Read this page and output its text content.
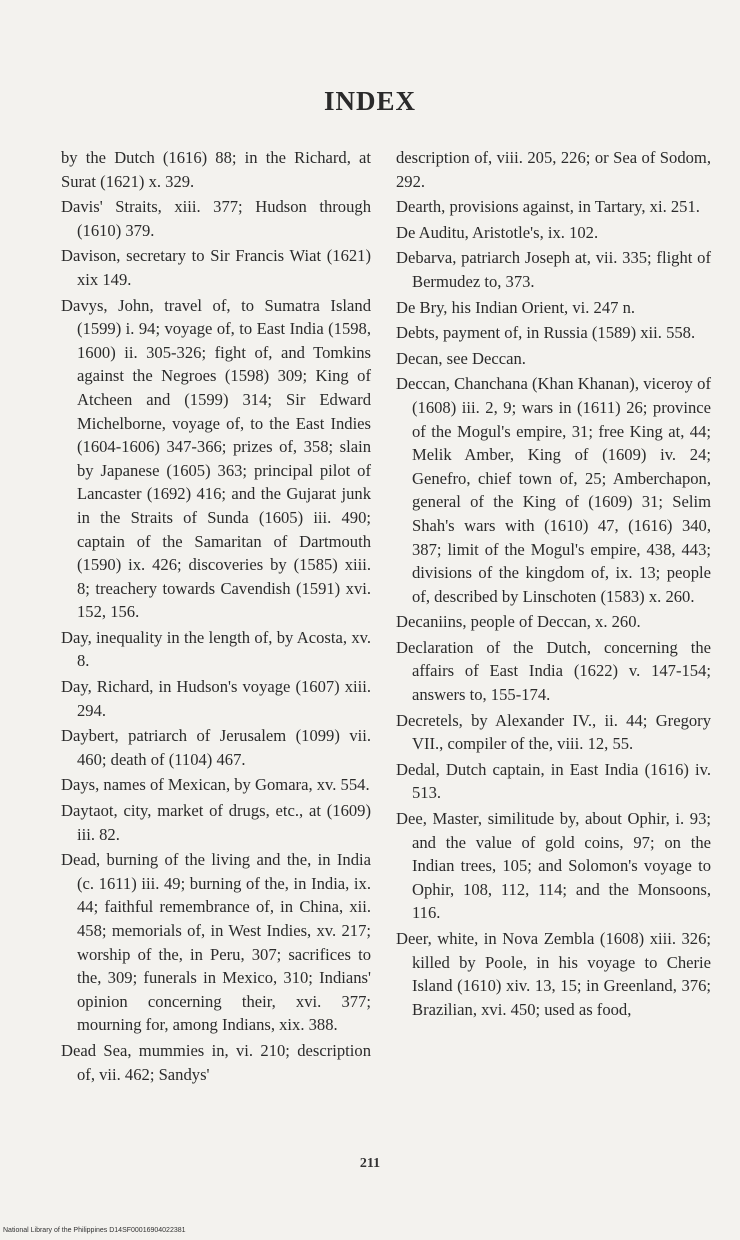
INDEX

by the Dutch (1616) 88; in the Richard, at Surat (1621) x. 329.

Davis' Straits, xiii. 377; Hudson through (1610) 379.

Davison, secretary to Sir Francis Wiat (1621) xix 149.

Davys, John, travel of, to Sumatra Island (1599) i. 94; voyage of, to East India (1598, 1600) ii. 305-326; fight of, and Tomkins against the Negroes (1598) 309; King of Atcheen and (1599) 314; Sir Edward Michelborne, voyage of, to the East Indies (1604-1606) 347-366; prizes of, 358; slain by Japanese (1605) 363; principal pilot of Lancaster (1692) 416; and the Gujarat junk in the Straits of Sunda (1605) iii. 490; captain of the Samaritan of Dartmouth (1590) ix. 426; discoveries by (1585) xiii. 8; treachery towards Cavendish (1591) xvi. 152, 156.

Day, inequality in the length of, by Acosta, xv. 8.

Day, Richard, in Hudson's voyage (1607) xiii. 294.

Daybert, patriarch of Jerusalem (1099) vii. 460; death of (1104) 467.

Days, names of Mexican, by Gomara, xv. 554.

Daytaot, city, market of drugs, etc., at (1609) iii. 82.

Dead, burning of the living and the, in India (c. 1611) iii. 49; burning of the, in India, ix. 44; faithful remembrance of, in China, xii. 458; memorials of, in West Indies, xv. 217; worship of the, in Peru, 307; sacrifices to the, 309; funerals in Mexico, 310; Indians' opinion concerning their, xvi. 377; mourning for, among Indians, xix. 388.

Dead Sea, mummies in, vi. 210; description of, vii. 462; Sandys'

description of, viii. 205, 226; or Sea of Sodom, 292.

Dearth, provisions against, in Tartary, xi. 251.

De Auditu, Aristotle's, ix. 102.

Debarva, patriarch Joseph at, vii. 335; flight of Bermudez to, 373.

De Bry, his Indian Orient, vi. 247 n.

Debts, payment of, in Russia (1589) xii. 558.

Decan, see Deccan.

Deccan, Chanchana (Khan Khanan), viceroy of (1608) iii. 2, 9; wars in (1611) 26; province of the Mogul's empire, 31; free King at, 44; Melik Amber, King of (1609) iv. 24; Genefro, chief town of, 25; Amberchapon, general of the King of (1609) 31; Selim Shah's wars with (1610) 47, (1616) 340, 387; limit of the Mogul's empire, 438, 443; divisions of the kingdom of, ix. 13; people of, described by Linschoten (1583) x. 260.

Decaniins, people of Deccan, x. 260.

Declaration of the Dutch, concerning the affairs of East India (1622) v. 147-154; answers to, 155-174.

Decretels, by Alexander IV., ii. 44; Gregory VII., compiler of the, viii. 12, 55.

Dedal, Dutch captain, in East India (1616) iv. 513.

Dee, Master, similitude by, about Ophir, i. 93; and the value of gold coins, 97; on the Indian trees, 105; and Solomon's voyage to Ophir, 108, 112, 114; and the Monsoons, 116.

Deer, white, in Nova Zembla (1608) xiii. 326; killed by Poole, in his voyage to Cherie Island (1610) xiv. 13, 15; in Greenland, 376; Brazilian, xvi. 450; used as food,

211
National Library of the Philippines D14SF00016904022381
